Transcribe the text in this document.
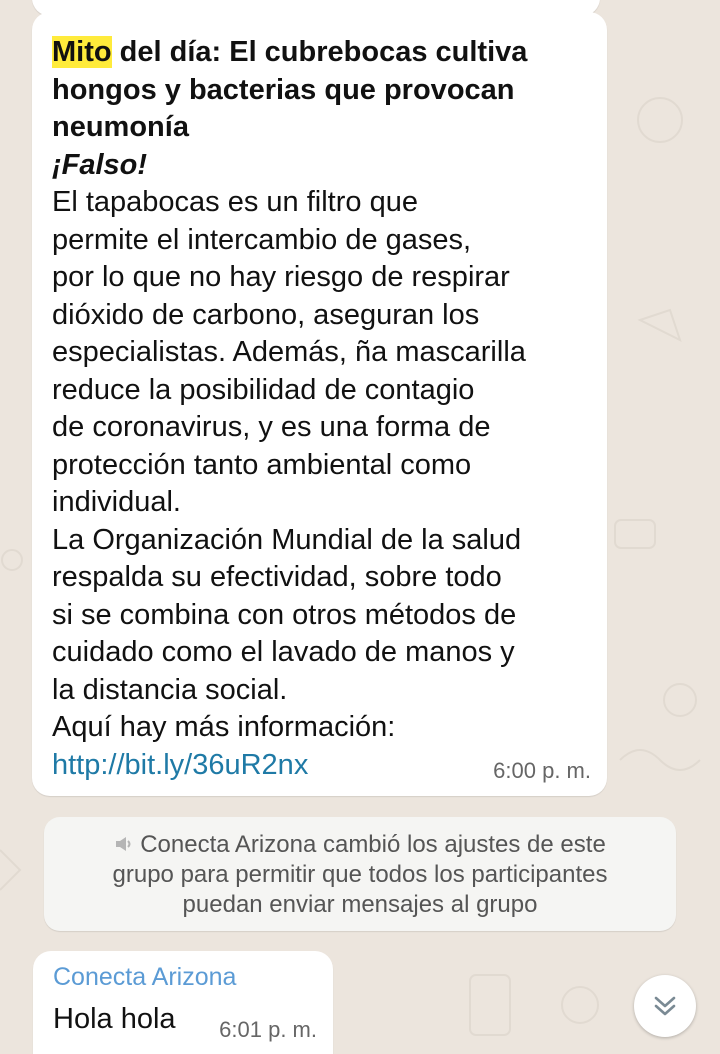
Mito del día: El cubrebocas cultiva
hongos y bacterias que provocan
neumonía
¡Falso!
El tapabocas es un filtro que
permite el intercambio de gases,
por lo que no hay riesgo de respirar
dióxido de carbono, aseguran los
especialistas. Además, ña mascarilla
reduce la posibilidad de contagio
de coronavirus, y es una forma de
protección tanto ambiental como
individual.
La Organización Mundial de la salud
respalda su efectividad, sobre todo
si se combina con otros métodos de
cuidado como el lavado de manos y
la distancia social.
Aquí hay más información:
http://bit.ly/36uR2nx	6:00 p. m.
Conecta Arizona cambió los ajustes de este
grupo para permitir que todos los participantes
puedan enviar mensajes al grupo
Conecta Arizona
Hola hola 6:01 p. m.
